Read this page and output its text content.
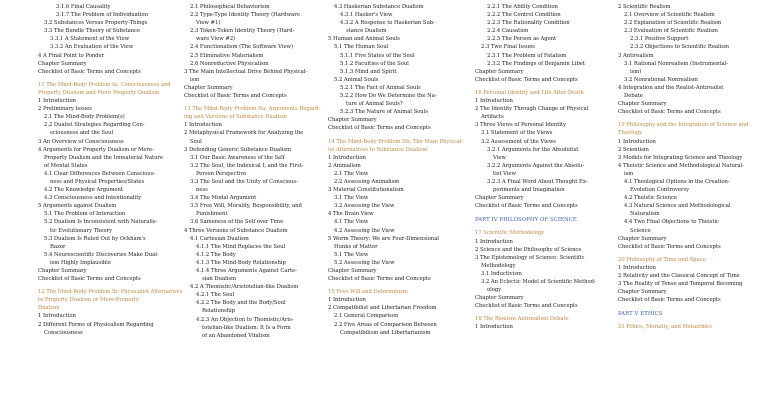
3.1.6 Final Causality
3.1.7 The Problem of Individuation
3.2 Substances Versus Property-Things
3.3 The Bundle Theory of Substance
3.3.1 A Statement of the View
3.3.2 An Evaluation of the View
4 A Final Point to Ponder
Chapter Summary
Checklist of Basic Terms and Concepts
11 The Mind-Body Problem Ia: Consciousness and
Property Dualism and Mere Property Dualism
1 Introduction
2 Preliminary Issues
2.1 The Mind-Body Problem(s)
2.2 Dualist Strategies Regarding Con-
sciousness and the Soul
3 An Overview of Consciousness
4 Arguments for Property Dualism or Mere-
Property Dualism and the Immaterial Nature
of Mental States
4.1 Clear Differences Between Conscious-
ness and Physical Properties/States
4.2 The Knowledge Argument
4.3 Consciousness and Intentionality
5 Arguments against Dualism
5.1 The Problem of Interaction
5.2 Dualism Is Inconsistent with Naturalis-
tic Evolutionary Theory
5.3 Dualism Is Ruled Out by Ockham's
Razor
5.4 Neuroscientific Discoveries Make Dual-
ism Highly Implausible
Chapter Summary
Checklist of Basic Terms and Concepts
12 The Mind-Body Problem Ib: Physicalist Alternatives
to Property Dualism or Mere-Property
Dualism
1 Introduction
2 Different Forms of Physicalism Regarding
Consciousness
2.1 Philosophical Behaviorism
2.2 Type-Type Identity Theory (Hardware
View #1)
2.3 Token-Token Identity Theory (Hard-
ware View #2)
2.4 Functionalism (The Software View)
2.5 Eliminative Materialism
2.6 Nonreductive Physicalism
3 The Main Intellectual Drive Behind Physical-
ism
Chapter Summary
Checklist of Basic Terms and Concepts
13 The Mind-Body Problem IIa: Arguments Regard-
ing and Versions of Substance Dualism
1 Introduction
2 Metaphysical Framework for Analyzing the
Soul
3 Defending Generic Substance Dualism
3.1 Our Basic Awareness of the Self
3.2 The Soul, the Indexical I, and the First-
Person Perspective
3.3 The Soul and the Unity of Conscious-
ness
3.4 The Modal Argument
3.5 Free Will, Morality, Responsibility, and
Punishment
3.6 Sameness of the Self over Time
4 Three Versions of Substance Dualism
4.1 Cartesian Dualism
4.1.1 The Mind Replaces the Soul
4.1.2 The Body
4.1.3 The Mind-Body Relationship
4.1.4 Three Arguments Against Carte-
sian Dualism
4.2 A Thomistic/Aristotelian-like Dualism
4.2.1 The Soul
4.2.2 The Body and the Body/Soul
Relationship
4.2.3 An Objection to Thomistic/Aris-
totelian-like Dualism: It Is a Form
of an Abandoned Vitalism
4.3 Haskerian Substance Dualism
4.3.1 Hasker's View
4.3.2 A Response to Haskerian Sub-
stance Dualism
5 Human and Animal Souls
5.1 The Human Soul
5.1.1 Five States of the Soul
5.1.2 Faculties of the Soul
5.1.3 Mind and Spirit
5.2 Animal Souls
5.2.1 The Fact of Animal Souls
5.2.2 How Do We Determine the Na-
ture of Animal Souls?
5.2.3 The Nature of Animal Souls
Chapter Summary
Checklist of Basic Terms and Concepts
14 The Mind-Body Problem IIb: The Main Physical-
ist Alternatives to Substance Dualism
1 Introduction
2 Animalism
2.1 The View
2.2 Assessing Animalism
3 Material Constitutionalism
3.1 The View
3.2 Assessing the View
4 The Brain View
4.1 The View
4.2 Assessing the View
5 Worm Theory: We are Four-Dimensional
Hunks of Matter
5.1 The View
5.2 Assessing the View
Chapter Summary
Checklist of Basic Terms and Concepts
15 Free Will and Determinism
1 Introduction
2 Compatibilist and Libertarian Freedom
2.1 General Comparison
2.2 Five Areas of Comparison Between
Compatibilism and Libertarianism
2.2.1 The Ability Condition
2.2.2 The Control Condition
2.2.3 The Rationality Condition
2.2.4 Causation
2.2.5 The Person as Agent
2.3 Two Final Issues
2.3.1 The Problem of Fatalism
2.3.2 The Findings of Benjamin Libet
Chapter Summary
Checklist of Basic Terms and Concepts
16 Personal Identity and Life After Death
1 Introduction
2 The Identity Through Change of Physical
Artifacts
3 Three Views of Personal Identity
3.1 Statement of the Views
3.2 Assessment of the Views
3.2.1 Arguments for the Absolutist
View
3.2.2 Arguments Against the Absolu-
tist View
3.2.3 A Final Word About Thought Ex-
periments and Imagination
Chapter Summary
Checklist of Basic Terms and Concepts
PART IV PHILOSOPHY OF SCIENCE
17 Scientific Methodology
1 Introduction
2 Science and the Philosophy of Science
3 The Epistemology of Science: Scientific
Methodology
3.1 Inductivism
3.2 An Eclectic Model of Scientific Method-
ology
Chapter Summary
Checklist of Basic Terms and Concepts
18 The Realism-Antirealism Debate
1 Introduction
2 Scientific Realism
2.1 Overview of Scientific Realism
2.2 Explanation of Scientific Realism
2.3 Evaluation of Scientific Realism
2.3.1 Positive Support
2.3.2 Objections to Scientific Realism
3 Antirealism
3.1 Rational Nonrealism (Instrumental-
ism)
3.2 Nonrational Nonrealism
4 Integration and the Realist-Antirealist
Debate
Chapter Summary
Checklist of Basic Terms and Concepts
19 Philosophy and the Integration of Science and
Theology
1 Introduction
2 Scientism
3 Models for Integrating Science and Theology
4 Theistic Science and Methodological Natural-
ism
4.1 Theological Options in the Creation-
Evolution Controversy
4.2 Theistic Science
4.3 Natural Science and Methodological
Naturalism
4.4 Two Final Objections to Theistic
Science
Chapter Summary
Checklist of Basic Terms and Concepts
20 Philosophy of Time and Space
1 Introduction
2 Relativity and the Classical Concept of Time
3 The Reality of Tense and Temporal Becoming
Chapter Summary
Checklist of Basic Terms and Concepts
PART V ETHICS
21 Ethics, Morality, and Metaethics
